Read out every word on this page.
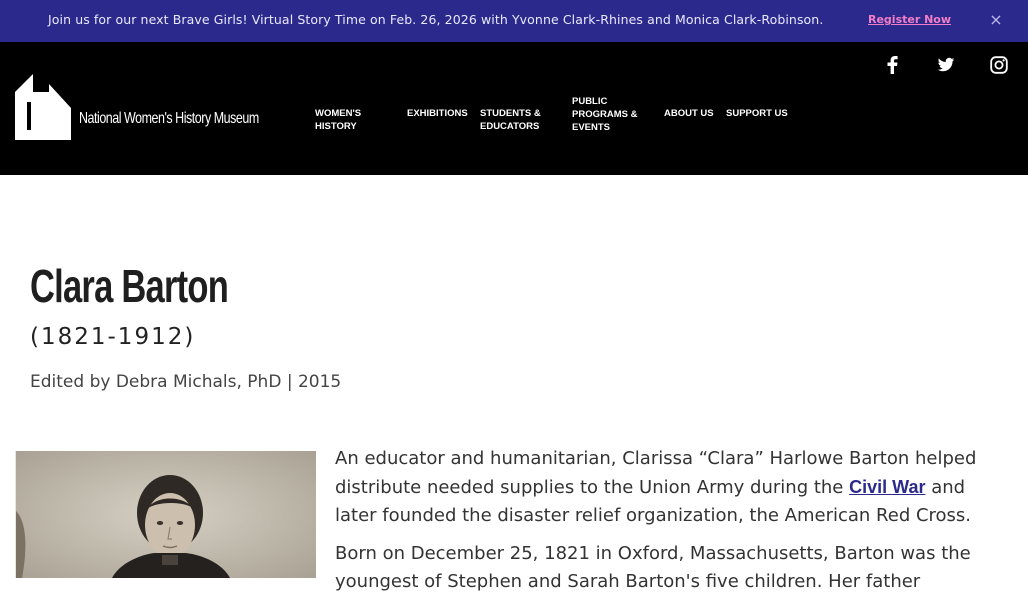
Join us for our next Brave Girls! Virtual Story Time on Feb. 26, 2026 with Yvonne Clark-Rhines and Monica Clark-Robinson.	Register Now ×
National Women's History Museum	WOMEN'S
HISTORY
EXHIBITIONS STUDENTS &
EDUCATORS
PUBLIC
PROGRAMS &
EVENTS
ABOUT US SUPPORT US
Clara Barton
(1821-1912)
Edited by Debra Michals, PhD | 2015

An educator and humanitarian, Clarissa “Clara” Harlowe Barton helped distribute needed supplies to the Union Army during the Civil War and later founded the disaster relief organization, the American Red Cross.

Born on December 25, 1821 in Oxford, Massachusetts, Barton was the youngest of Stephen and Sarah Barton's five children. Her father
